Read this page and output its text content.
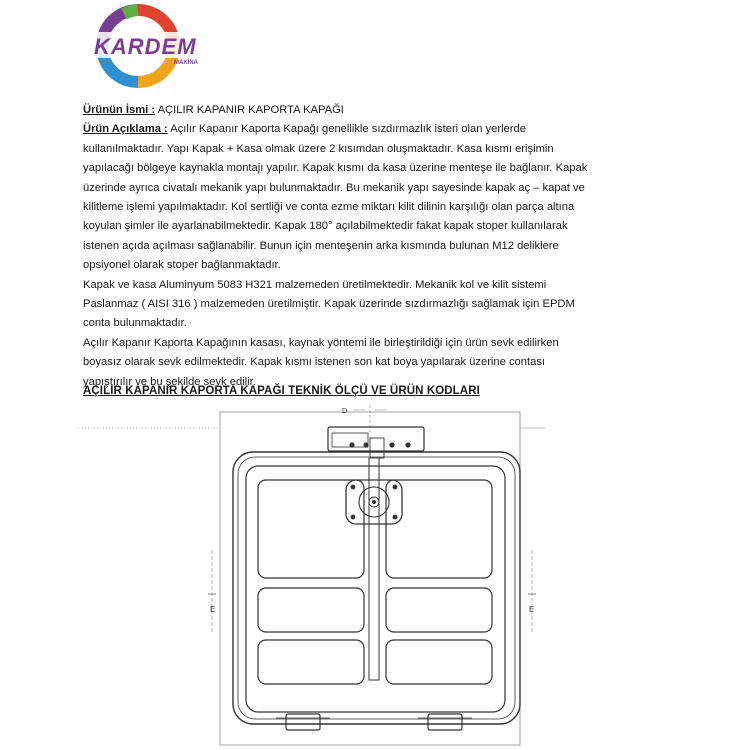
KARDEM
MAKİNA

Ürünün İsmi : AÇILIR KAPANIR KAPORTA KAPAĞI

Ürün Açıklama : Açılır Kapanır Kaporta Kapağı genellikle sızdırmazlık isteri olan yerlerde

kullanılmaktadır. Yapı Kapak + Kasa olmak üzere 2 kısımdan oluşmaktadır. Kasa kısmı erişimin

yapılacağı bölgeye kaynakla montajı yapılır. Kapak kısmı da kasa üzerine menteşe ile bağlanır. Kapak

üzerinde ayrıca civatalı mekanik yapı bulunmaktadır. Bu mekanik yapı sayesinde kapak aç – kapat ve

kilitleme işlemi yapılmaktadır. Kol sertliği ve conta ezme miktarı kilit dilinin karşılığı olan parça altına

koyulan şimler ile ayarlanabilmektedir. Kapak 180° açılabilmektedir fakat kapak stoper kullanılarak

istenen açıda açılması sağlanabilir. Bunun için menteşenin arka kısmında bulunan M12 deliklere

opsiyonel olarak stoper bağlanmaktadır.

Kapak ve kasa Aluminyum 5083 H321 malzemeden üretilmektedir. Mekanik kol ve kilit sistemi

Paslanmaz ( AISI 316 ) malzemeden üretilmiştir. Kapak üzerinde sızdırmazlığı sağlamak için EPDM

conta bulunmaktadır.

Açılır Kapanır Kaporta Kapağının kasası, kaynak yöntemi ile birleştirildiği için ürün sevk edilirken

boyasız olarak sevk edilmektedir. Kapak kısmı istenen son kat boya yapılarak üzerine contası

yapıştırılır ve bu şekilde sevk edilir.

AÇILIR KAPANIR KAPORTA KAPAĞI TEKNİK ÖLÇÜ VE ÜRÜN KODLARI
D
E	E
